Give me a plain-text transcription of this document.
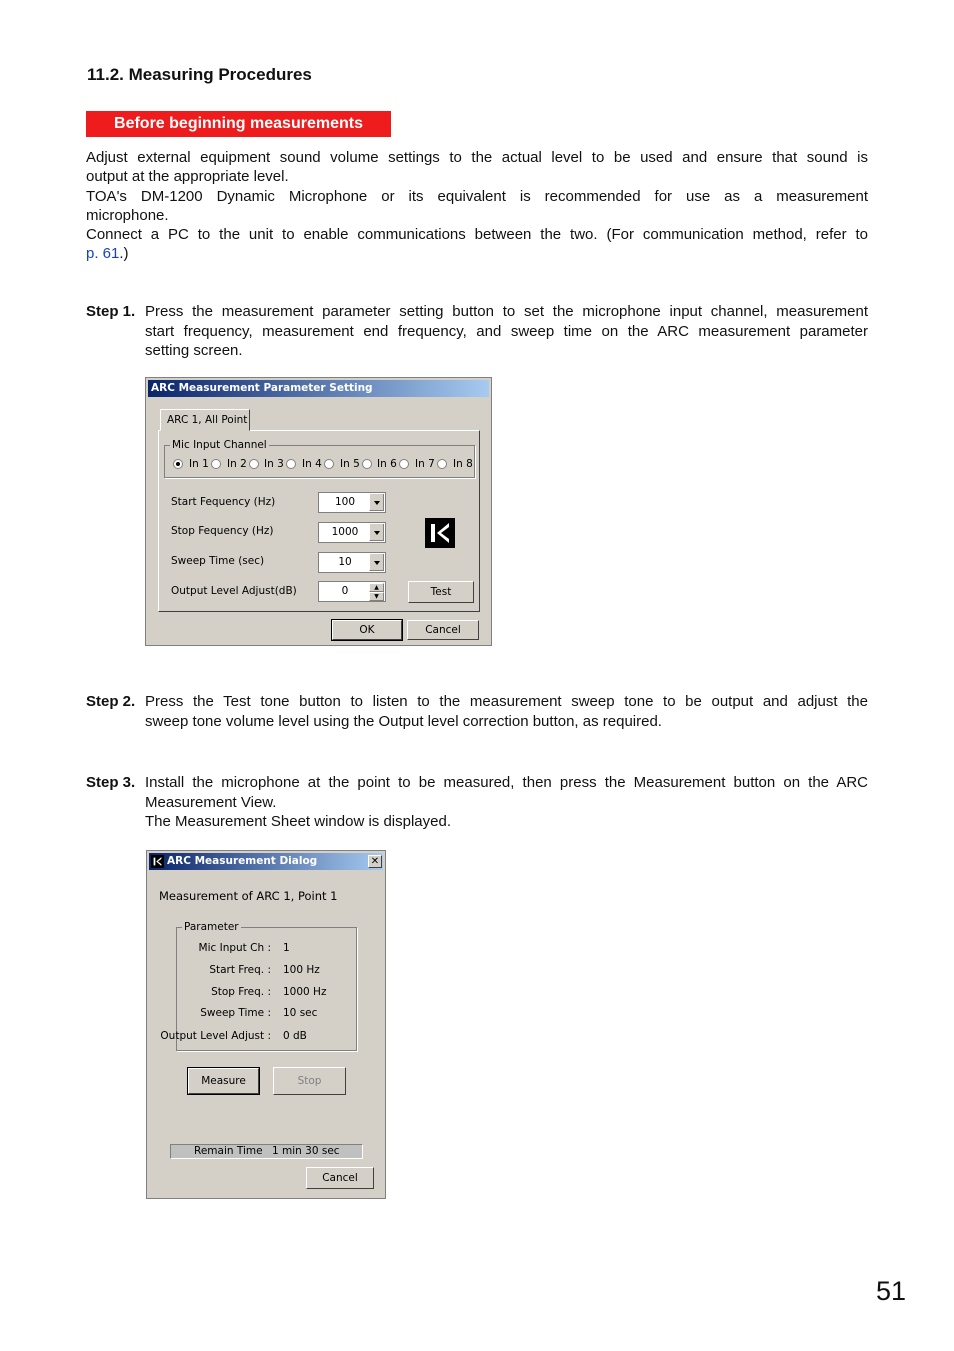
11.2. Measuring Procedures
Before beginning measurements
Adjust external equipment sound volume settings to the actual level to be used and ensure that sound is
output at the appropriate level.
TOA's DM-1200 Dynamic Microphone or its equivalent is recommended for use as a measurement
microphone.
Connect a PC to the unit to enable communications between the two. (For communication method, refer to
p. 61.)
Step 1. Press the measurement parameter setting button to set the microphone input channel, measurement
start frequency, measurement end frequency, and sweep time on the ARC measurement parameter
setting screen.
ARC Measurement Parameter Setting
ARC 1, All Point
Mic Input Channel
In 1 In 2 In 3 In 4 In 5 In 6 In 7 In 8
Start Fequency (Hz)	100
Stop Fequency (Hz)	1000
Sweep Time (sec)	10
Output Level Adjust(dB)	0	▲
▼	Test
OK	Cancel
Step 2. Press the Test tone button to listen to the measurement sweep tone to be output and adjust the
sweep tone volume level using the Output level correction button, as required.
Step 3. Install the microphone at the point to be measured, then press the Measurement button on the ARC
Measurement View.
The Measurement Sheet window is displayed.
ARC Measurement Dialog	✕
Measurement of ARC 1, Point 1
Parameter
Mic Input Ch : 1
Start Freq. : 100 Hz
Stop Freq. : 1000 Hz
Sweep Time : 10 sec
Output Level Adjust : 0 dB
Measure	Stop
Remain Time 1 min 30 sec
Cancel
51
